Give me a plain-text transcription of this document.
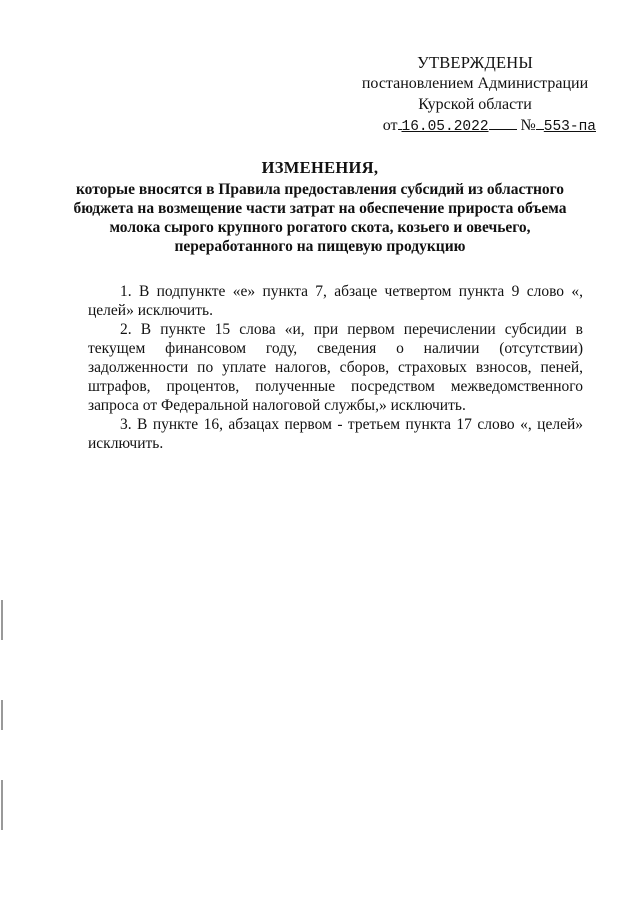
УТВЕРЖДЕНЫ
постановлением Администрации
Курской области
от 16.05.2022 № 553-па
ИЗМЕНЕНИЯ,
которые вносятся в Правила предоставления субсидий из областного
бюджета на возмещение части затрат на обеспечение прироста объема
молока сырого крупного рогатого скота, козьего и овечьего,
переработанного на пищевую продукцию

1. В подпункте «е» пункта 7, абзаце четвертом пункта 9 слово «, целей» исключить.

2. В пункте 15 слова «и, при первом перечислении субсидии в текущем финансовом году, сведения о наличии (отсутствии) задолженности по уплате налогов, сборов, страховых взносов, пеней, штрафов, процентов, полученные посредством межведомственного запроса от Федеральной налоговой службы,» исключить.

3. В пункте 16, абзацах первом - третьем пункта 17 слово «, целей» исключить.
